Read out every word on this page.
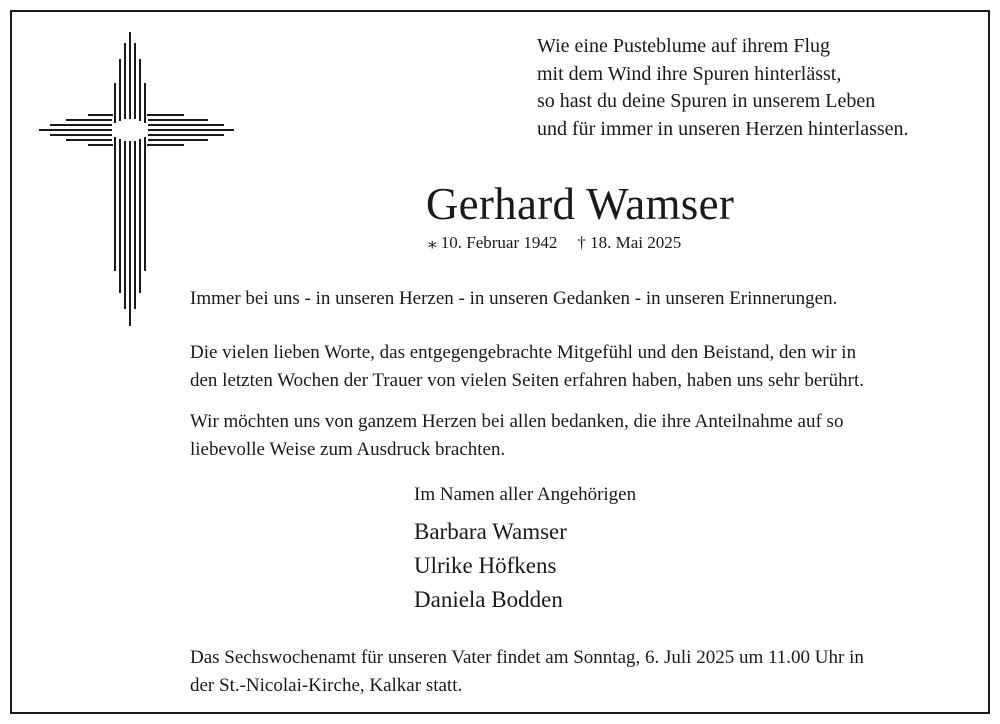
Wie eine Pusteblume auf ihrem Flug
mit dem Wind ihre Spuren hinterlässt,
so hast du deine Spuren in unserem Leben
und für immer in unseren Herzen hinterlassen.
Gerhard Wamser
⁎ 10. Februar 1942 † 18. Mai 2025
Immer bei uns - in unseren Herzen - in unseren Gedanken - in unseren Erinnerungen.
Die vielen lieben Worte, das entgegengebrachte Mitgefühl und den Beistand, den wir in
den letzten Wochen der Trauer von vielen Seiten erfahren haben, haben uns sehr berührt.
Wir möchten uns von ganzem Herzen bei allen bedanken, die ihre Anteilnahme auf so
liebevolle Weise zum Ausdruck brachten.
Im Namen aller Angehörigen
Barbara Wamser
Ulrike Höfkens
Daniela Bodden
Das Sechswochenamt für unseren Vater findet am Sonntag, 6. Juli 2025 um 11.00 Uhr in
der St.-Nicolai-Kirche, Kalkar statt.
